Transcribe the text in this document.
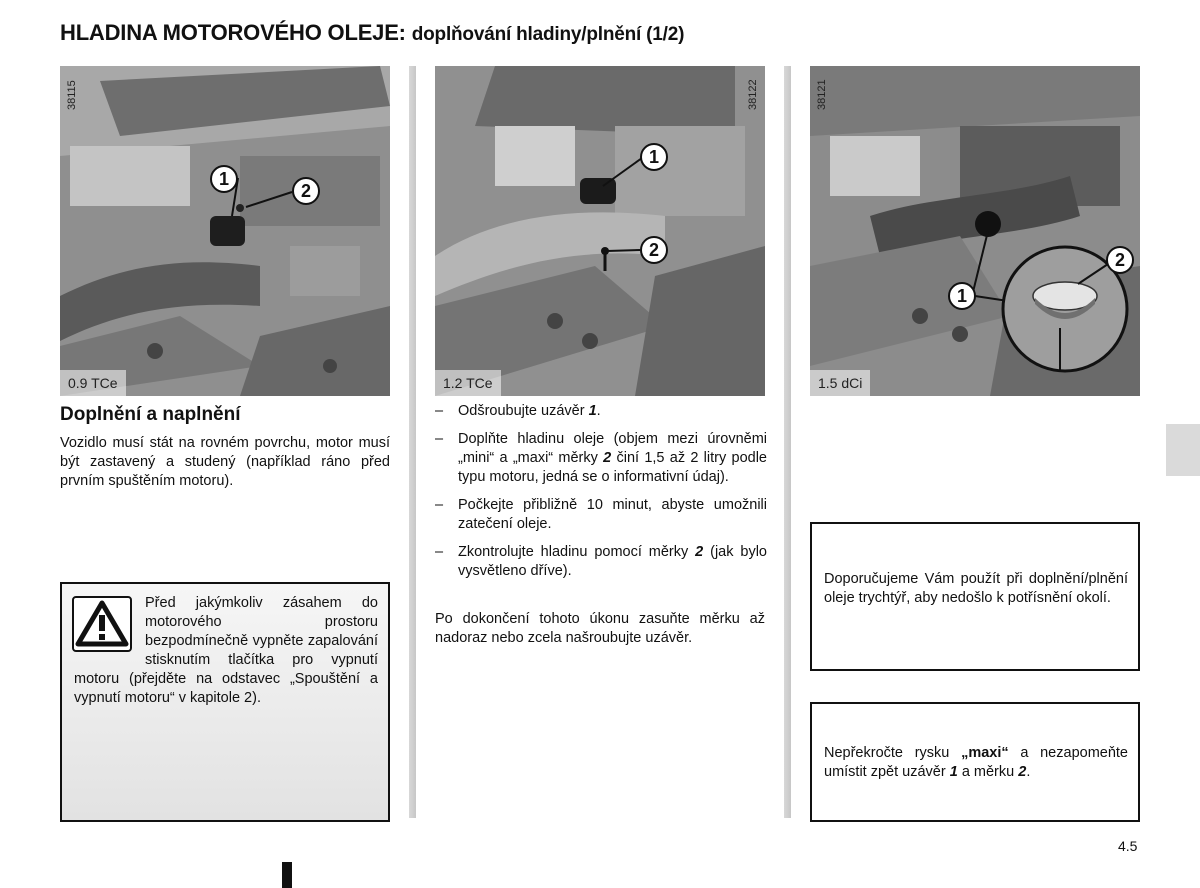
HLADINA MOTOROVÉHO OLEJE: doplňování hladiny/plnění (1/2)
38115
1
2
0.9 TCe
38122
1
2
1.2 TCe
38121
2
1
1.5 dCi
Doplnění a naplnění
Vozidlo musí stát na rovném povrchu, motor musí být zastavený a studený (například ráno před prvním spuštěním motoru).
Před jakýmkoliv zásahem do motorového prostoru bezpodmínečně vypněte zapalování stisknutím tlačítka pro vypnutí motoru (přejděte na odstavec „Spouštění a vypnutí motoru“ v kapitole 2).
– Odšroubujte uzávěr 1.
– Doplňte hladinu oleje (objem mezi úrovněmi „mini“ a „maxi“ měrky 2 činí 1,5 až 2 litry podle typu motoru, jedná se o informativní údaj).
– Počkejte přibližně 10 minut, abyste umožnili zatečení oleje.
– Zkontrolujte hladinu pomocí měrky 2 (jak bylo vysvětleno dříve).
Po dokončení tohoto úkonu zasuňte měrku až nadoraz nebo zcela našroubujte uzávěr.
Doporučujeme Vám použít při doplnění/plnění oleje trychtýř, aby nedošlo k potřísnění okolí.
Nepřekročte rysku „maxi“ a nezapomeňte umístit zpět uzávěr 1 a měrku 2.
4.5
